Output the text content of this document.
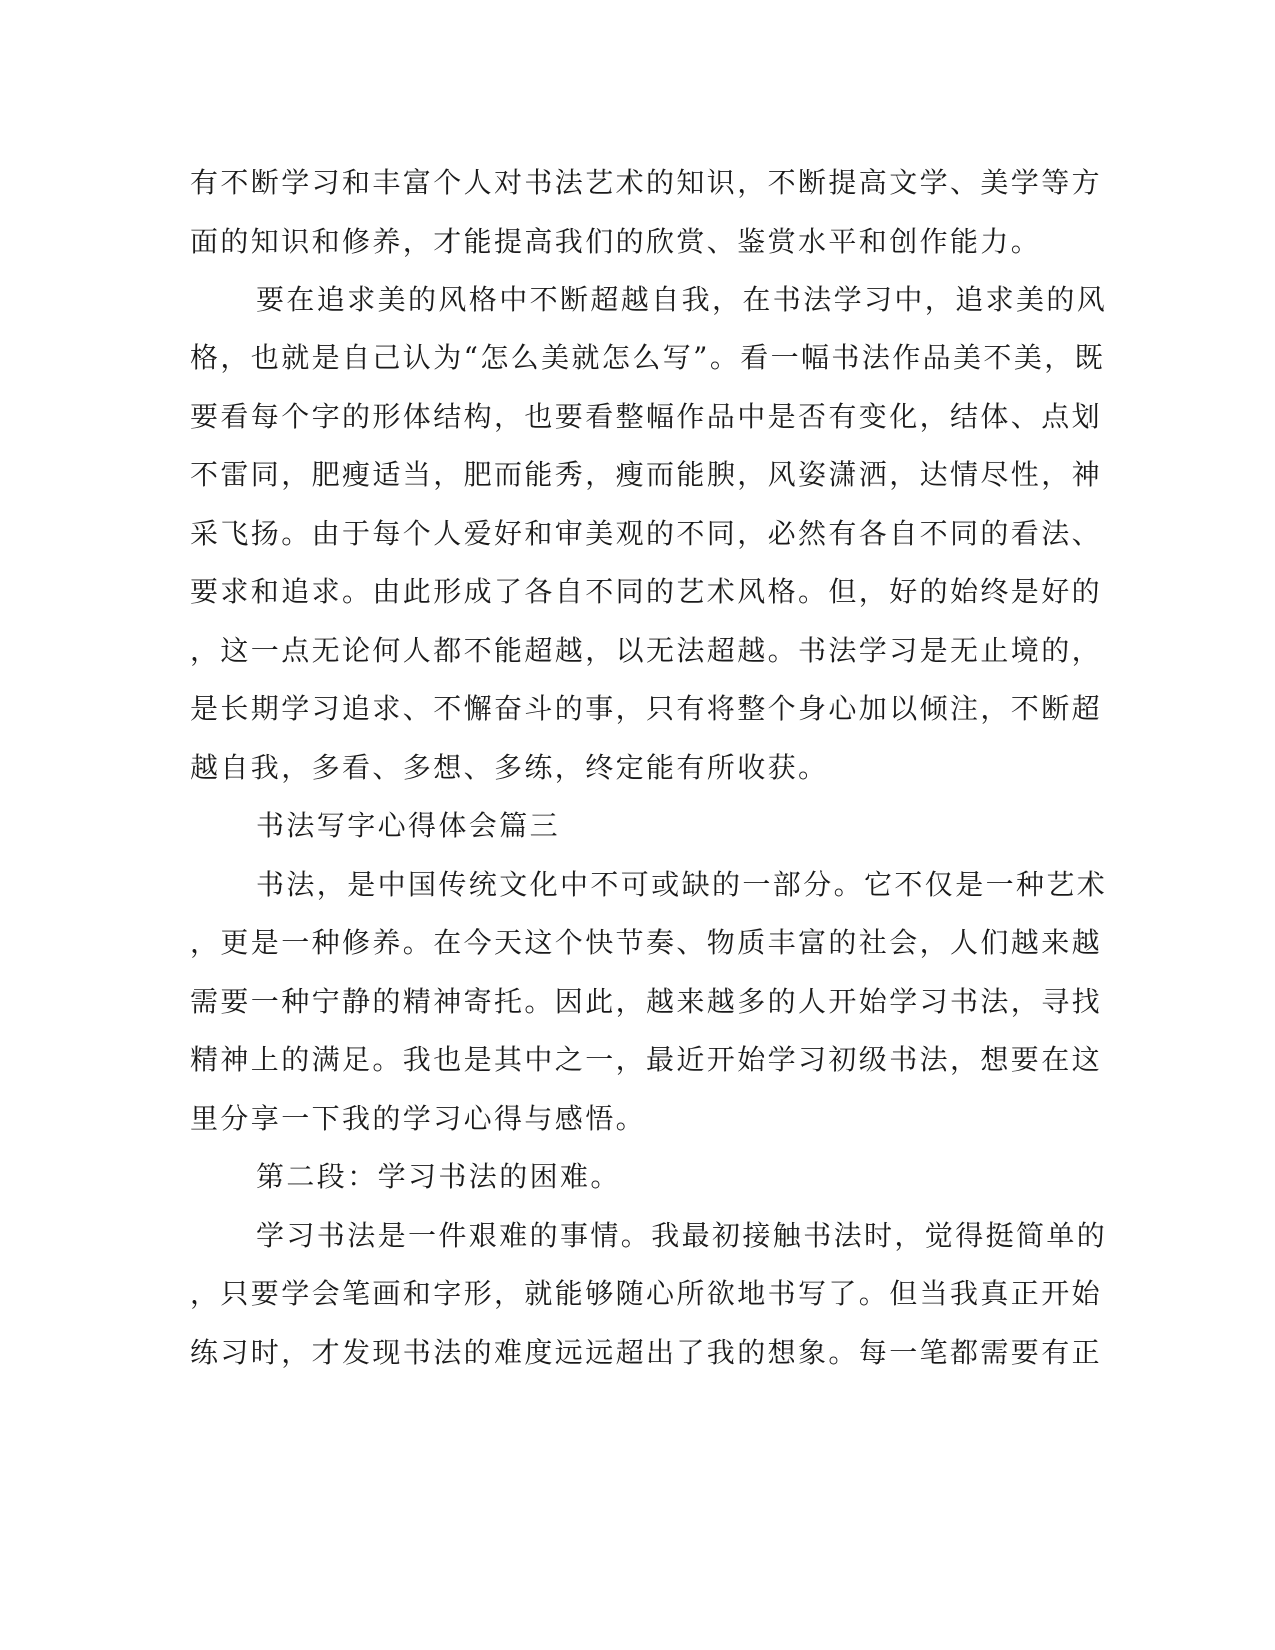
有不断学习和丰富个人对书法艺术的知识，不断提高文学、美学等方
面的知识和修养，才能提高我们的欣赏、鉴赏水平和创作能力。
要在追求美的风格中不断超越自我，在书法学习中，追求美的风
格，也就是自己认为“怎么美就怎么写”。看一幅书法作品美不美，既
要看每个字的形体结构，也要看整幅作品中是否有变化，结体、点划
不雷同，肥瘦适当，肥而能秀，瘦而能腴，风姿潇洒，达情尽性，神
采飞扬。由于每个人爱好和审美观的不同，必然有各自不同的看法、
要求和追求。由此形成了各自不同的艺术风格。但，好的始终是好的
，这一点无论何人都不能超越，以无法超越。书法学习是无止境的，
是长期学习追求、不懈奋斗的事，只有将整个身心加以倾注，不断超
越自我，多看、多想、多练，终定能有所收获。
书法写字心得体会篇三
书法，是中国传统文化中不可或缺的一部分。它不仅是一种艺术
，更是一种修养。在今天这个快节奏、物质丰富的社会，人们越来越
需要一种宁静的精神寄托。因此，越来越多的人开始学习书法，寻找
精神上的满足。我也是其中之一，最近开始学习初级书法，想要在这
里分享一下我的学习心得与感悟。
第二段：学习书法的困难。
学习书法是一件艰难的事情。我最初接触书法时，觉得挺简单的
，只要学会笔画和字形，就能够随心所欲地书写了。但当我真正开始
练习时，才发现书法的难度远远超出了我的想象。每一笔都需要有正
